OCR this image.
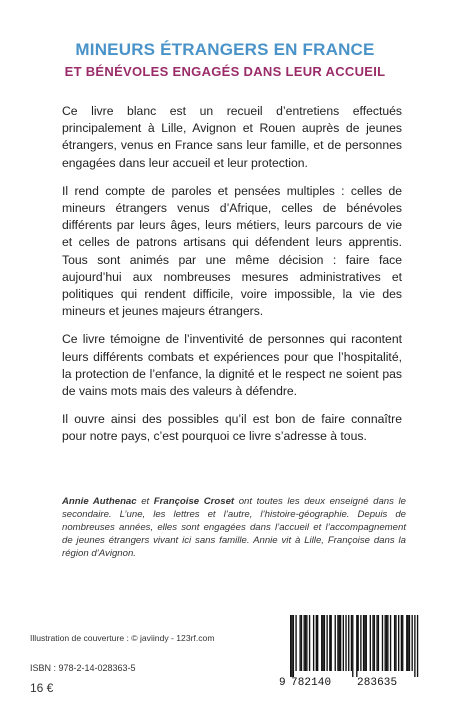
MINEURS ÉTRANGERS EN FRANCE
ET BÉNÉVOLES ENGAGÉS DANS LEUR ACCUEIL

Ce livre blanc est un recueil d’entretiens effectués principalement à Lille, Avignon et Rouen auprès de jeunes étrangers, venus en France sans leur famille, et de personnes engagées dans leur accueil et leur protection.

Il rend compte de paroles et pensées multiples : celles de mineurs étrangers venus d’Afrique, celles de bénévoles différents par leurs âges, leurs métiers, leurs parcours de vie et celles de patrons artisans qui défendent leurs apprentis. Tous sont animés par une même décision : faire face aujourd’hui aux nombreuses mesures administratives et politiques qui rendent difficile, voire impossible, la vie des mineurs et jeunes majeurs étrangers.

Ce livre témoigne de l’inventivité de personnes qui racontent leurs différents combats et expériences pour que l’hospitalité, la protection de l’enfance, la dignité et le respect ne soient pas de vains mots mais des valeurs à défendre.

Il ouvre ainsi des possibles qu’il est bon de faire connaître pour notre pays, c’est pourquoi ce livre s’adresse à tous.

Annie Authenac et Françoise Croset ont toutes les deux enseigné dans le secondaire. L’une, les lettres et l’autre, l’histoire-géographie. Depuis de nombreuses années, elles sont engagées dans l’accueil et l’accompagnement de jeunes étrangers vivant ici sans famille. Annie vit à Lille, Françoise dans la région d’Avignon.
Illustration de couverture : © javiindy - 123rf.com
ISBN : 978-2-14-028363-5
16 €	9 782140 283635
